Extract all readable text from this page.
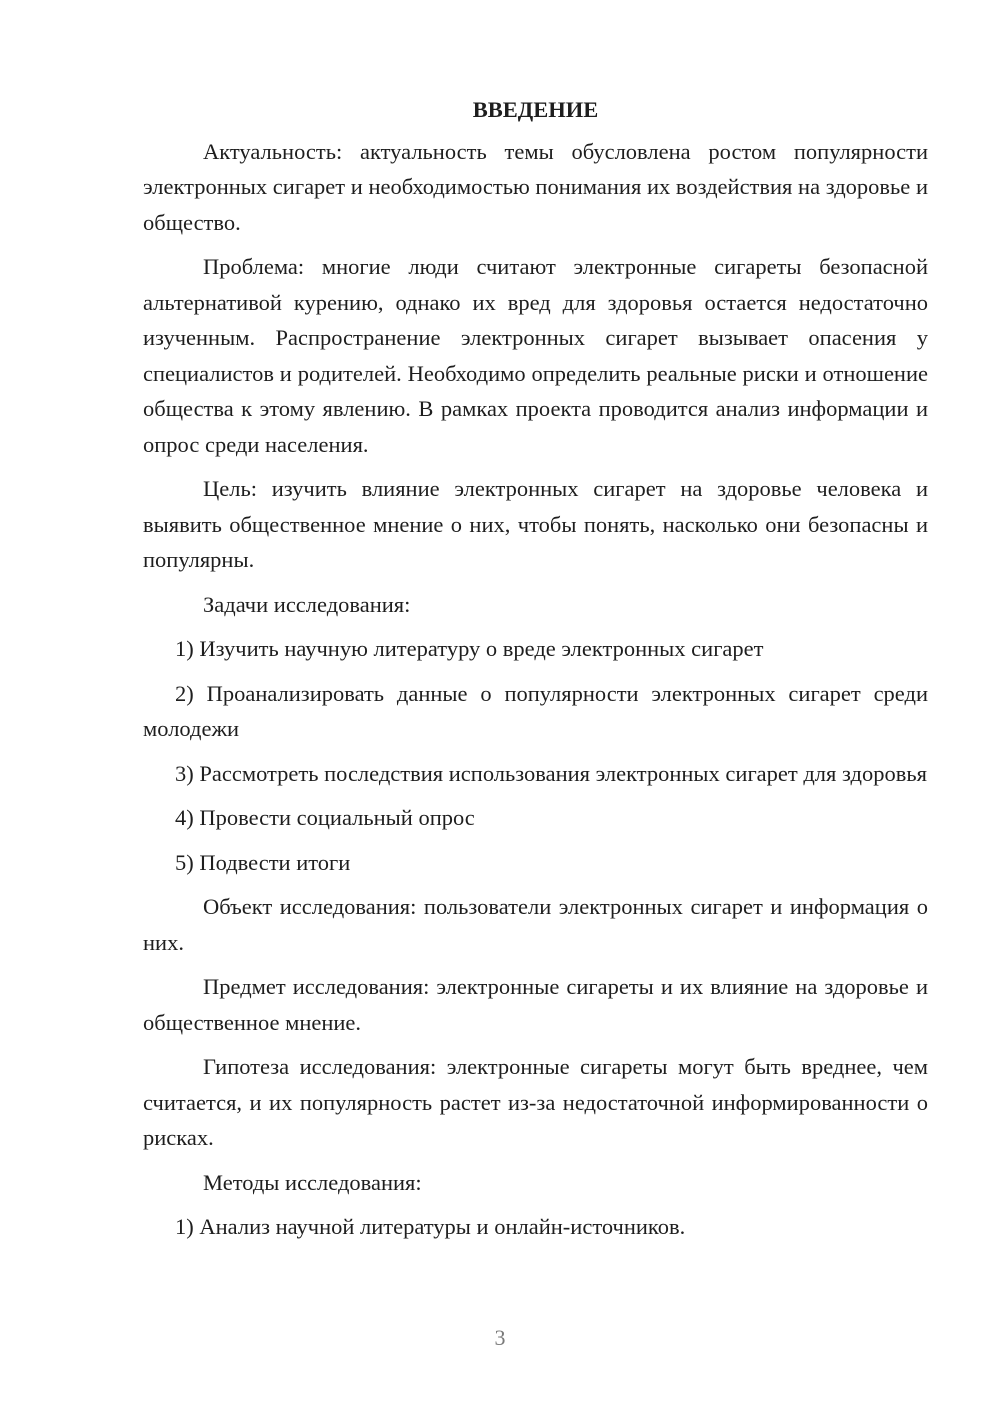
ВВЕДЕНИЕ

Актуальность: актуальность темы обусловлена ростом популярности электронных сигарет и необходимостью понимания их воздействия на здоровье и общество.

Проблема: многие люди считают электронные сигареты безопасной альтернативой курению, однако их вред для здоровья остается недостаточно изученным. Распространение электронных сигарет вызывает опасения у специалистов и родителей. Необходимо определить реальные риски и отношение общества к этому явлению. В рамках проекта проводится анализ информации и опрос среди населения.

Цель: изучить влияние электронных сигарет на здоровье человека и выявить общественное мнение о них, чтобы понять, насколько они безопасны и популярны.

Задачи исследования:

1) Изучить научную литературу о вреде электронных сигарет

2) Проанализировать данные о популярности электронных сигарет среди молодежи

3) Рассмотреть последствия использования электронных сигарет для здоровья

4) Провести социальный опрос

5) Подвести итоги

Объект исследования: пользователи электронных сигарет и информация о них.

Предмет исследования: электронные сигареты и их влияние на здоровье и общественное мнение.

Гипотеза исследования: электронные сигареты могут быть вреднее, чем считается, и их популярность растет из-за недостаточной информированности о рисках.

Методы исследования:

1) Анализ научной литературы и онлайн-источников.

3
